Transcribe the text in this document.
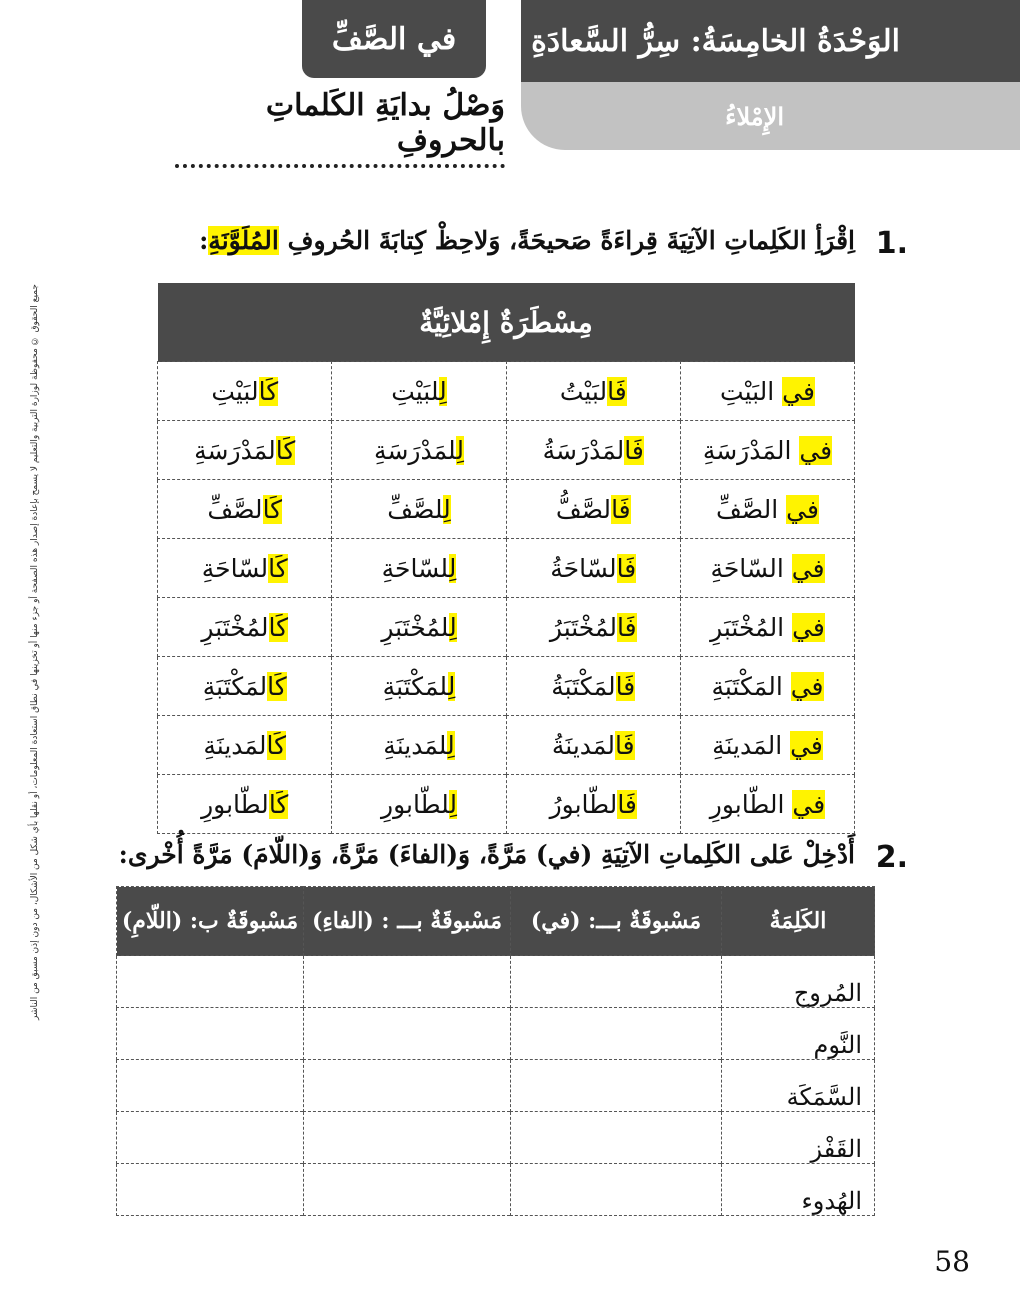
في الصَّفِّ الوَحْدَةُ الخامِسَةُ: سِرُّ السَّعادَةِ
الإِمْلاءُ
وَصْلُ بدايَةِ الكَلماتِ بالحروفِ
1.
اِقْرَأِ الكَلِماتِ الآتِيَةَ قِراءَةً صَحيحَةً، وَلاحِظْ كِتابَةَ الحُروفِ المُلَوَّنَةِ:
مِسْطَرَةٌ إِمْلائِيَّةٌ			
في البَيْتِ	فَالبَيْتُ	لِلبَيْتِ	كَالبَيْتِ
في المَدْرَسَةِ	فَالمَدْرَسَةُ	لِلمَدْرَسَةِ	كَالمَدْرَسَةِ
في الصَّفِّ	فَالصَّفُّ	لِلصَّفِّ	كَالصَّفِّ
في السّاحَةِ	فَالسّاحَةُ	لِلسّاحَةِ	كَالسّاحَةِ
في المُخْتَبَرِ	فَالمُخْتَبَرُ	لِلمُخْتَبَرِ	كَالمُخْتَبَرِ
في المَكْتَبَةِ	فَالمَكْتَبَةُ	لِلمَكْتَبَةِ	كَالمَكْتَبَةِ
في المَدينَةِ	فَالمَدينَةُ	لِلمَدينَةِ	كَالمَدينَةِ
في الطّابورِ	فَالطّابورُ	لِلطّابورِ	كَالطّابورِ
2.
أَدْخِلْ عَلى الكَلِماتِ الآتِيَةِ (في) مَرَّةً، وَ(الفاءَ) مَرَّةً، وَ(اللّامَ) مَرَّةً أُخْرى:
الكَلِمَةُ	مَسْبوقَةٌ بـــ: (في)	مَسْبوقَةٌ بـــ : (الفاءِ)	مَسْبوقَةٌ ب: (اللّامِ)
المُروج			
النَّوم			
السَّمَكَة			
القَفْز			
الهُدوء			
جميع الحقوق © محفوظة لوزارة التربية والتعليم لا يسمح بإعادة إصدار هذه الصفحة أو جزء منها أو تخزينها في نطاق استعادة المعلومات، أو نقلها بأي شكل من الأشكال، من دون إذن مسبق من الناشر
58
